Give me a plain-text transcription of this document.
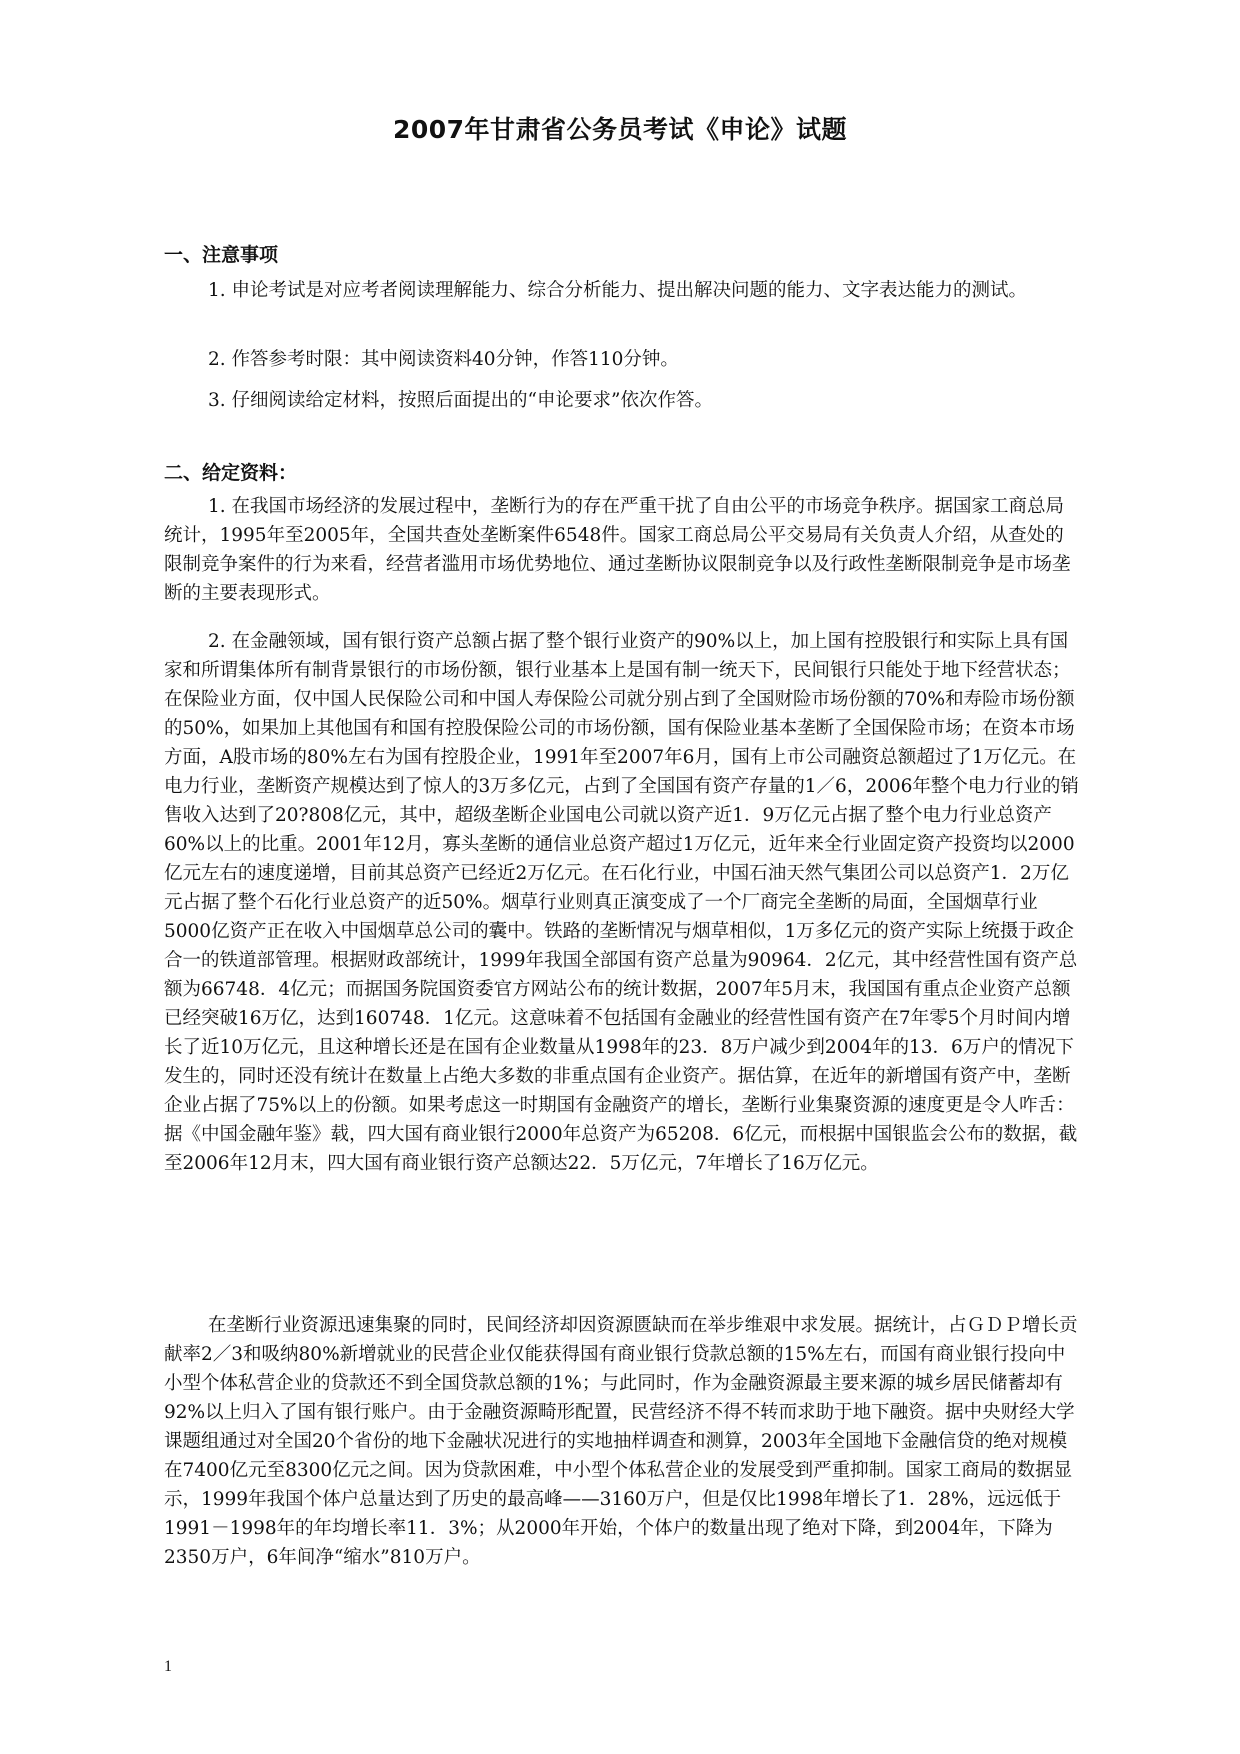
2007年甘肃省公务员考试《申论》试题
一、注意事项

1. 申论考试是对应考者阅读理解能力、综合分析能力、提出解决问题的能力、文字表达能力的测试。

2. 作答参考时限：其中阅读资料40分钟，作答110分钟。

3. 仔细阅读给定材料，按照后面提出的“申论要求”依次作答。

二、给定资料：

1. 在我国市场经济的发展过程中，垄断行为的存在严重干扰了自由公平的市场竞争秩序。据国家工商总局统计，1995年至2005年，全国共查处垄断案件6548件。国家工商总局公平交易局有关负责人介绍，从查处的限制竞争案件的行为来看，经营者滥用市场优势地位、通过垄断协议限制竞争以及行政性垄断限制竞争是市场垄断的主要表现形式。

2. 在金融领域，国有银行资产总额占据了整个银行业资产的90%以上，加上国有控股银行和实际上具有国家和所谓集体所有制背景银行的市场份额，银行业基本上是国有制一统天下，民间银行只能处于地下经营状态；在保险业方面，仅中国人民保险公司和中国人寿保险公司就分别占到了全国财险市场份额的70%和寿险市场份额的50%，如果加上其他国有和国有控股保险公司的市场份额，国有保险业基本垄断了全国保险市场；在资本市场方面，A股市场的80%左右为国有控股企业，1991年至2007年6月，国有上市公司融资总额超过了1万亿元。在电力行业，垄断资产规模达到了惊人的3万多亿元，占到了全国国有资产存量的1／6，2006年整个电力行业的销售收入达到了20?808亿元，其中，超级垄断企业国电公司就以资产近1．9万亿元占据了整个电力行业总资产60%以上的比重。2001年12月，寡头垄断的通信业总资产超过1万亿元，近年来全行业固定资产投资均以2000亿元左右的速度递增，目前其总资产已经近2万亿元。在石化行业，中国石油天然气集团公司以总资产1．2万亿元占据了整个石化行业总资产的近50%。烟草行业则真正演变成了一个厂商完全垄断的局面，全国烟草行业5000亿资产正在收入中国烟草总公司的囊中。铁路的垄断情况与烟草相似，1万多亿元的资产实际上统摄于政企合一的铁道部管理。根据财政部统计，1999年我国全部国有资产总量为90964．2亿元，其中经营性国有资产总额为66748．4亿元；而据国务院国资委官方网站公布的统计数据，2007年5月末，我国国有重点企业资产总额已经突破16万亿，达到160748．1亿元。这意味着不包括国有金融业的经营性国有资产在7年零5个月时间内增长了近10万亿元，且这种增长还是在国有企业数量从1998年的23．8万户减少到2004年的13．6万户的情况下发生的，同时还没有统计在数量上占绝大多数的非重点国有企业资产。据估算，在近年的新增国有资产中，垄断企业占据了75%以上的份额。如果考虑这一时期国有金融资产的增长，垄断行业集聚资源的速度更是令人咋舌：据《中国金融年鉴》载，四大国有商业银行2000年总资产为65208．6亿元，而根据中国银监会公布的数据，截至2006年12月末，四大国有商业银行资产总额达22．5万亿元，7年增长了16万亿元。

在垄断行业资源迅速集聚的同时，民间经济却因资源匮缺而在举步维艰中求发展。据统计，占ＧＤＰ增长贡献率2／3和吸纳80%新增就业的民营企业仅能获得国有商业银行贷款总额的15%左右，而国有商业银行投向中小型个体私营企业的贷款还不到全国贷款总额的1%；与此同时，作为金融资源最主要来源的城乡居民储蓄却有92%以上归入了国有银行账户。由于金融资源畸形配置，民营经济不得不转而求助于地下融资。据中央财经大学课题组通过对全国20个省份的地下金融状况进行的实地抽样调查和测算，2003年全国地下金融信贷的绝对规模在7400亿元至8300亿元之间。因为贷款困难，中小型个体私营企业的发展受到严重抑制。国家工商局的数据显示，1999年我国个体户总量达到了历史的最高峰——3160万户，但是仅比1998年增长了1．28%，远远低于1991－1998年的年均增长率11．3%；从2000年开始，个体户的数量出现了绝对下降，到2004年，下降为2350万户，6年间净“缩水”810万户。

1
